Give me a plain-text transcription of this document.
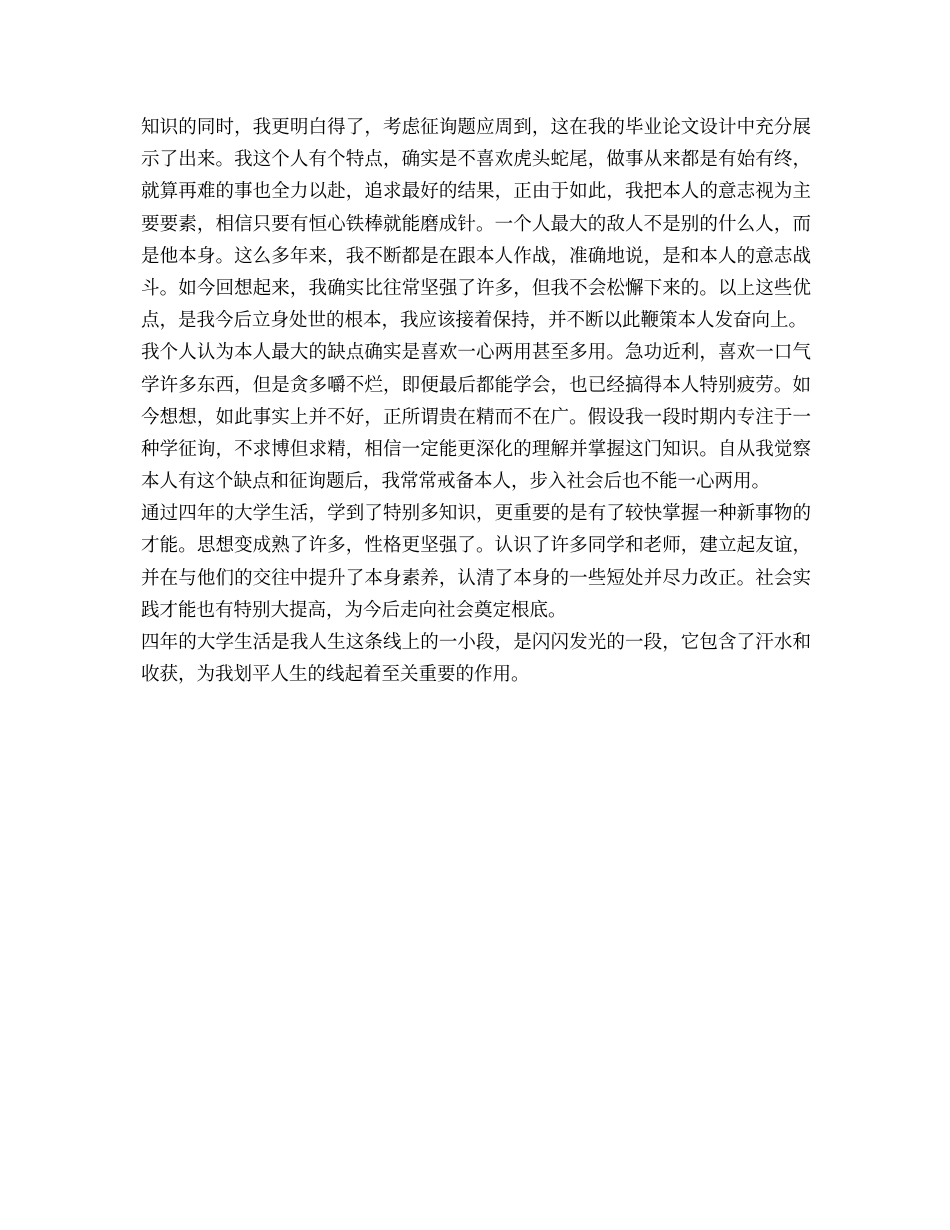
知识的同时，我更明白得了，考虑征询题应周到，这在我的毕业论文设计中充分展
示了出来。我这个人有个特点，确实是不喜欢虎头蛇尾，做事从来都是有始有终，
就算再难的事也全力以赴，追求最好的结果，正由于如此，我把本人的意志视为主
要要素，相信只要有恒心铁棒就能磨成针。一个人最大的敌人不是别的什么人，而
是他本身。这么多年来，我不断都是在跟本人作战，准确地说，是和本人的意志战
斗。如今回想起来，我确实比往常坚强了许多，但我不会松懈下来的。以上这些优
点，是我今后立身处世的根本，我应该接着保持，并不断以此鞭策本人发奋向上。
我个人认为本人最大的缺点确实是喜欢一心两用甚至多用。急功近利，喜欢一口气
学许多东西，但是贪多嚼不烂，即便最后都能学会，也已经搞得本人特别疲劳。如
今想想，如此事实上并不好，正所谓贵在精而不在广。假设我一段时期内专注于一
种学征询，不求博但求精，相信一定能更深化的理解并掌握这门知识。自从我觉察
本人有这个缺点和征询题后，我常常戒备本人，步入社会后也不能一心两用。
通过四年的大学生活，学到了特别多知识，更重要的是有了较快掌握一种新事物的
才能。思想变成熟了许多，性格更坚强了。认识了许多同学和老师，建立起友谊，
并在与他们的交往中提升了本身素养，认清了本身的一些短处并尽力改正。社会实
践才能也有特别大提高，为今后走向社会奠定根底。
四年的大学生活是我人生这条线上的一小段，是闪闪发光的一段，它包含了汗水和
收获，为我划平人生的线起着至关重要的作用。
